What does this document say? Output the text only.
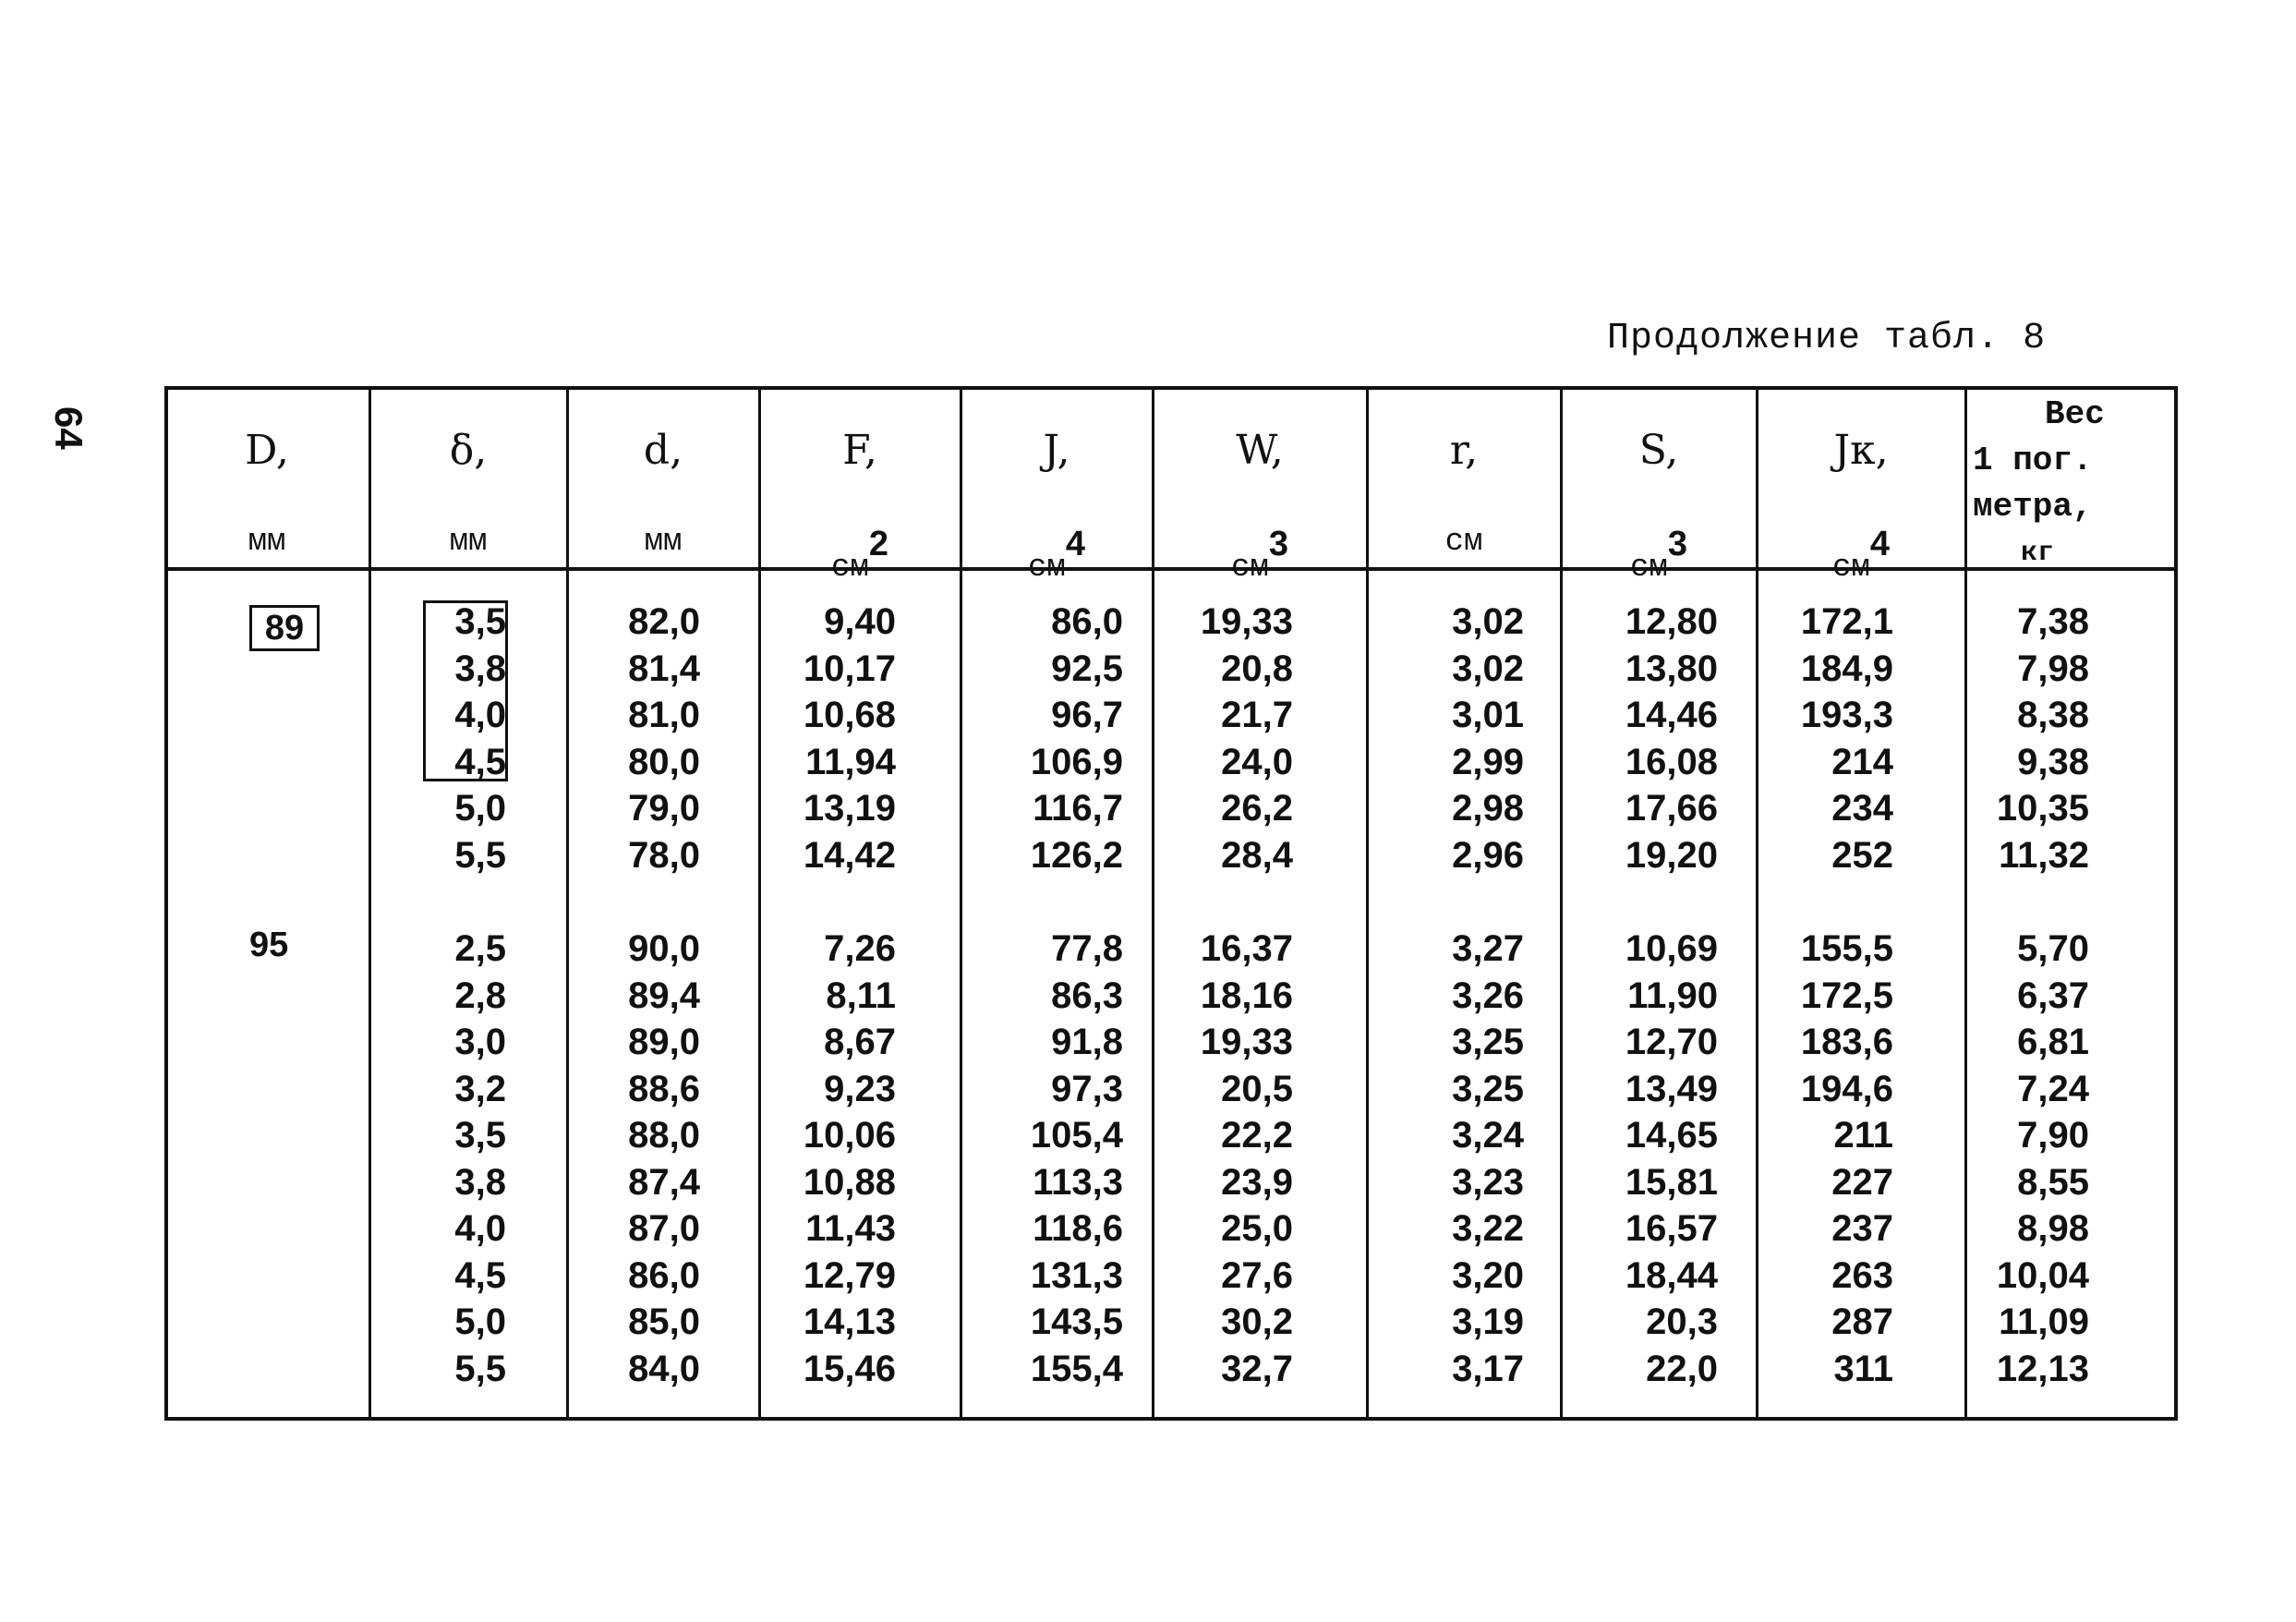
Продолжение табл. 8
64	D,
мм
δ,
мм
d,
мм
F,
$см^2$
J,
$см^4$
W,
$см^3$
r,
см
S,
$см^3$
Jк,
$см^4$
Вес
1 пог.
метра,
кг
3,5
3,8
4,0
4,5
5,0
5,5
2,5
2,8
3,0
3,2
3,5
3,8
4,0
4,5
5,0
5,5
82,0
81,4
81,0
80,0
79,0
78,0
90,0
89,4
89,0
88,6
88,0
87,4
87,0
86,0
85,0
84,0
9,40
10,17
10,68
11,94
13,19
14,42
7,26
8,11
8,67
9,23
10,06
10,88
11,43
12,79
14,13
15,46
86,0
92,5
96,7
106,9
116,7
126,2
77,8
86,3
91,8
97,3
105,4
113,3
118,6
131,3
143,5
155,4
19,33
20,8
21,7
24,0
26,2
28,4
16,37
18,16
19,33
20,5
22,2
23,9
25,0
27,6
30,2
32,7
3,02
3,02
3,01
2,99
2,98
2,96
3,27
3,26
3,25
3,25
3,24
3,23
3,22
3,20
3,19
3,17
12,80
13,80
14,46
16,08
17,66
19,20
10,69
11,90
12,70
13,49
14,65
15,81
16,57
18,44
20,3
22,0
172,1
184,9
193,3
214
234
252
155,5
172,5
183,6
194,6
211
227
237
263
287
311
7,38
7,98
8,38
9,38
10,35
11,32
5,70
6,37
6,81
7,24
7,90
8,55
8,98
10,04
11,09
12,13
89
95
